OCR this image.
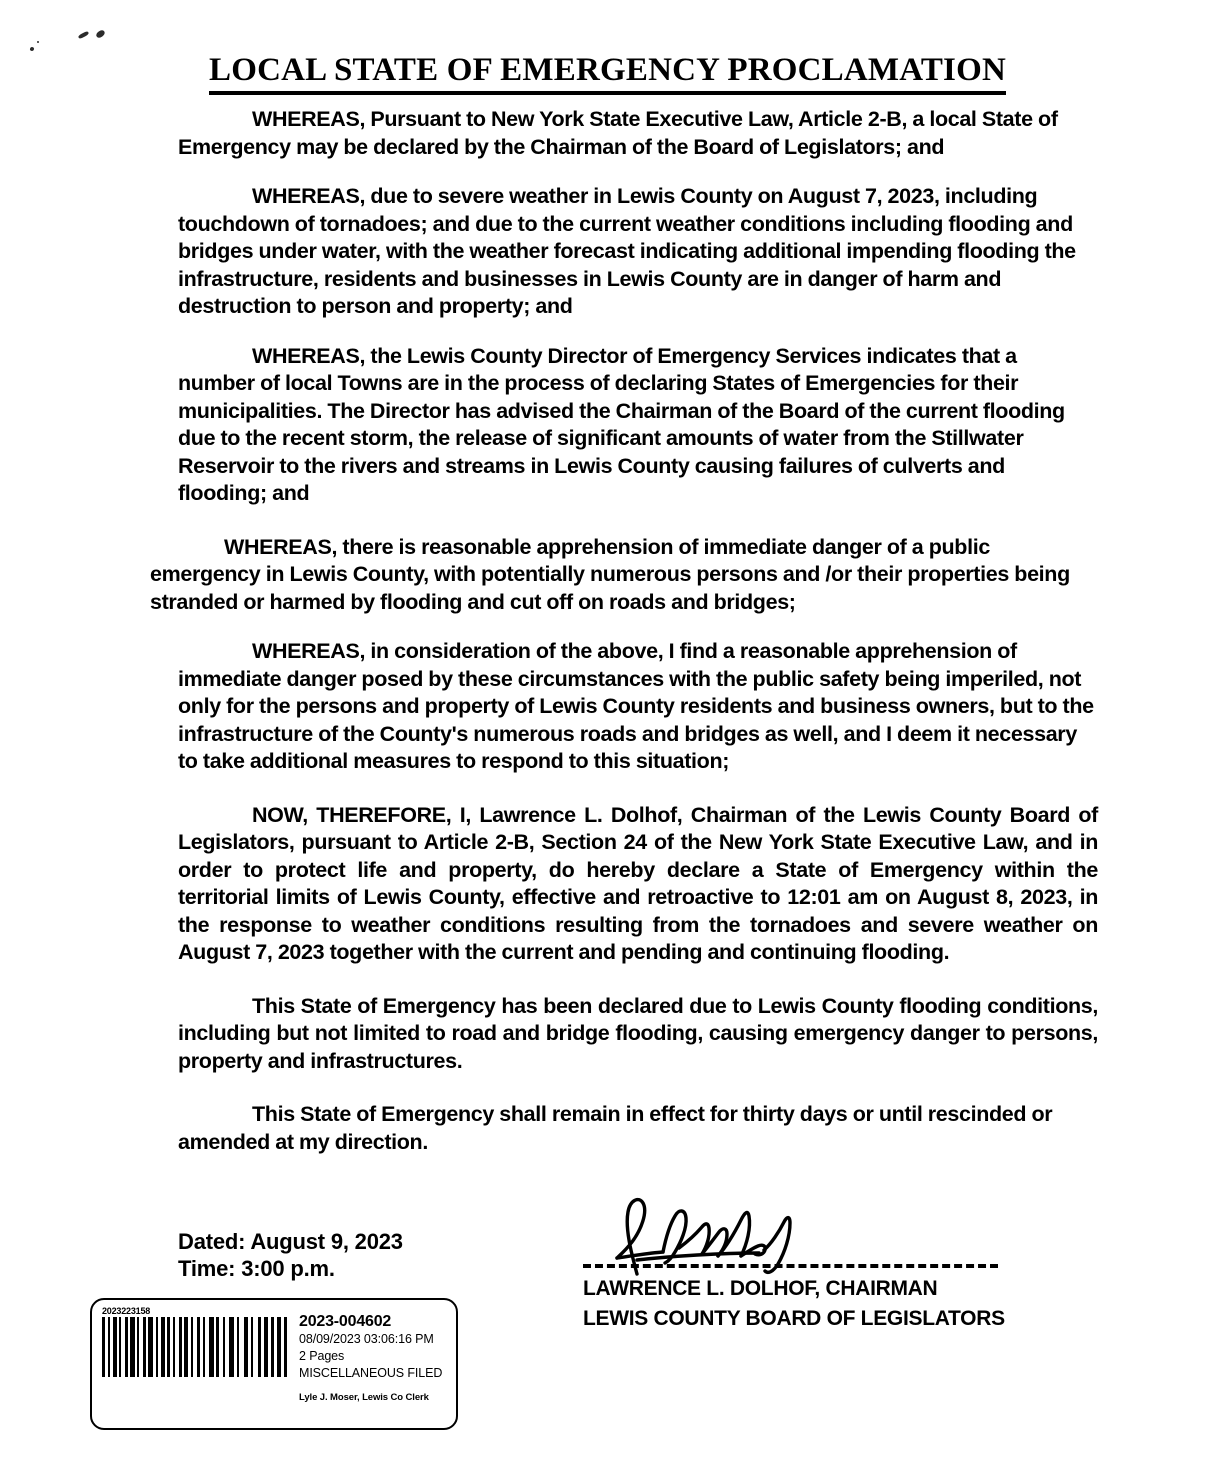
LOCAL STATE OF EMERGENCY PROCLAMATION

WHEREAS, Pursuant to New York State Executive Law, Article 2-B, a local State of Emergency may be declared by the Chairman of the Board of Legislators; and

WHEREAS, due to severe weather in Lewis County on August 7, 2023, including touchdown of tornadoes; and due to the current weather conditions including flooding and bridges under water, with the weather forecast indicating additional impending flooding the infrastructure, residents and businesses in Lewis County are in danger of harm and destruction to person and property; and

WHEREAS, the Lewis County Director of Emergency Services indicates that a number of local Towns are in the process of declaring States of Emergencies for their municipalities. The Director has advised the Chairman of the Board of the current flooding due to the recent storm, the release of significant amounts of water from the Stillwater Reservoir to the rivers and streams in Lewis County causing failures of culverts and flooding; and

WHEREAS, there is reasonable apprehension of immediate danger of a public emergency in Lewis County, with potentially numerous persons and /or their properties being stranded or harmed by flooding and cut off on roads and bridges;

WHEREAS, in consideration of the above, I find a reasonable apprehension of immediate danger posed by these circumstances with the public safety being imperiled, not only for the persons and property of Lewis County residents and business owners, but to the infrastructure of the County's numerous roads and bridges as well, and I deem it necessary to take additional measures to respond to this situation;

NOW, THEREFORE, I, Lawrence L. Dolhof, Chairman of the Lewis County Board of Legislators, pursuant to Article 2-B, Section 24 of the New York State Executive Law, and in order to protect life and property, do hereby declare a State of Emergency within the territorial limits of Lewis County, effective and retroactive to 12:01 am on August 8, 2023, in the response to weather conditions resulting from the tornadoes and severe weather on August 7, 2023 together with the current and pending and continuing flooding.

This State of Emergency has been declared due to Lewis County flooding conditions, including but not limited to road and bridge flooding, causing emergency danger to persons, property and infrastructures.

This State of Emergency shall remain in effect for thirty days or until rescinded or amended at my direction.

Dated: August 9, 2023
Time: 3:00 p.m.
LAWRENCE L. DOLHOF, CHAIRMAN
LEWIS COUNTY BOARD OF LEGISLATORS
2023223158
2023-004602
08/09/2023 03:06:16 PM
2 Pages
MISCELLANEOUS FILED
Lyle J. Moser, Lewis Co Clerk
